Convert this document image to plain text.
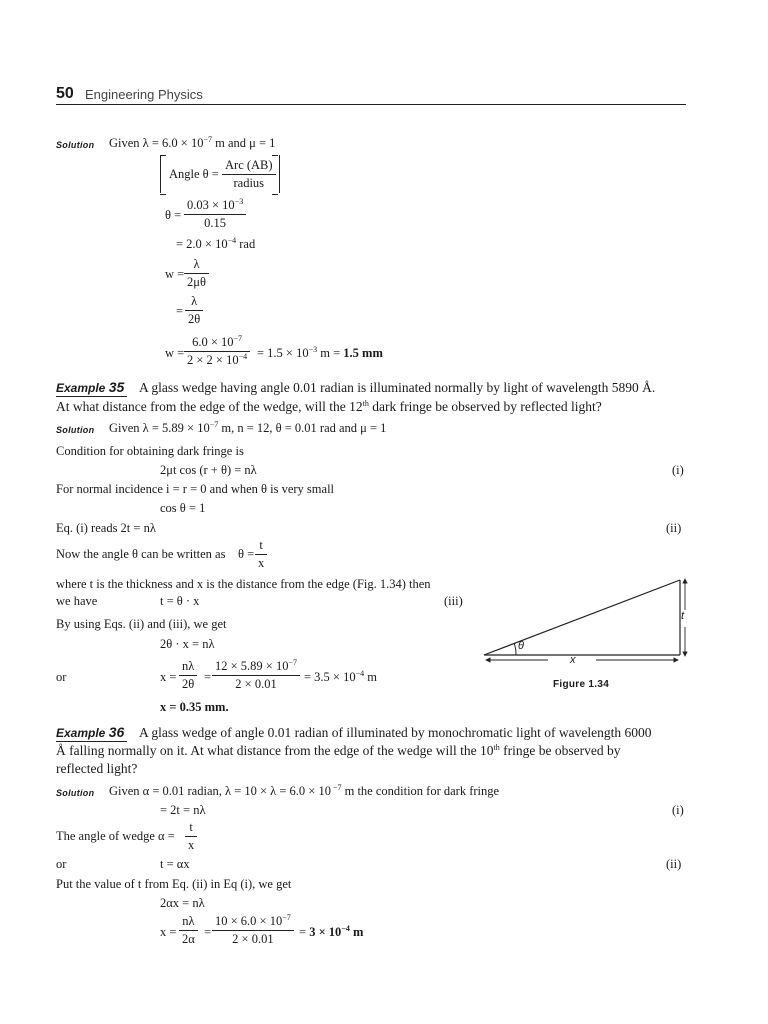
50 Engineering Physics
Solution Given $\lambda = 6.0 \times 10^{-7}$ m and μ = 1
Angle θ =
Arc (AB)
radius
$\theta = \frac{0.03 \times 10^{-3}}{0.15}$
= $2.0 \times 10^{-4}$ rad
$w = \frac{\lambda}{2\mu\theta}$
= $\frac{\lambda}{2\theta}$
$w = \frac{6.0 \times 10^{-7}}{2 \times 2 \times 10^{-4}} = 1.5 \times 10^{-3}$ m = 1.5 mm
Example 35 A glass wedge having angle 0.01 radian is illuminated normally by light of wavelength 5890 Å.
At what distance from the edge of the wedge, will the 12th dark fringe be observed by reflected light?
Solution Given $\lambda = 5.89 \times 10^{-7}$ m, n = 12, θ = 0.01 rad and μ = 1
Condition for obtaining dark fringe is
2μt cos (r + θ) = nλ	(i)
For normal incidence i = r = 0 and when θ is very small
cos θ = 1
Eq. (i) reads 2t = nλ	(ii)
Now the angle θ can be written as $\theta = \frac{t}{x}$
where t is the thickness and x is the distance from the edge (Fig. 1.34) then
we have	t = θ · x	(iii)
By using Eqs. (ii) and (iii), we get
2θ · x = nλ
or	$x = \frac{n\lambda}{2\theta} = \frac{12 \times 5.89 \times 10^{-7}}{2 \times 0.01} = 3.5 \times 10^{-4}$ m
x = 0.35 mm.
θ
x
t
Figure 1.34
Example 36 A glass wedge of angle 0.01 radian of illuminated by monochromatic light of wavelength 6000
Å falling normally on it. At what distance from the edge of the wedge will the 10th fringe be observed by
reflected light?
Solution Given α = 0.01 radian, λ = 10 × λ = 6.0 × 10 $^{-7}$ m the condition for dark fringe
= 2t = nλ	(i)
The angle of wedge $\alpha = \frac{t}{x}$
or	t = αx	(ii)
Put the value of t from Eq. (ii) in Eq (i), we get
2αx = nλ
$x = \frac{n\lambda}{2\alpha} = \frac{10 \times 6.0 \times 10^{-7}}{2 \times 0.01} = 3 \times 10^{-4}$ m
